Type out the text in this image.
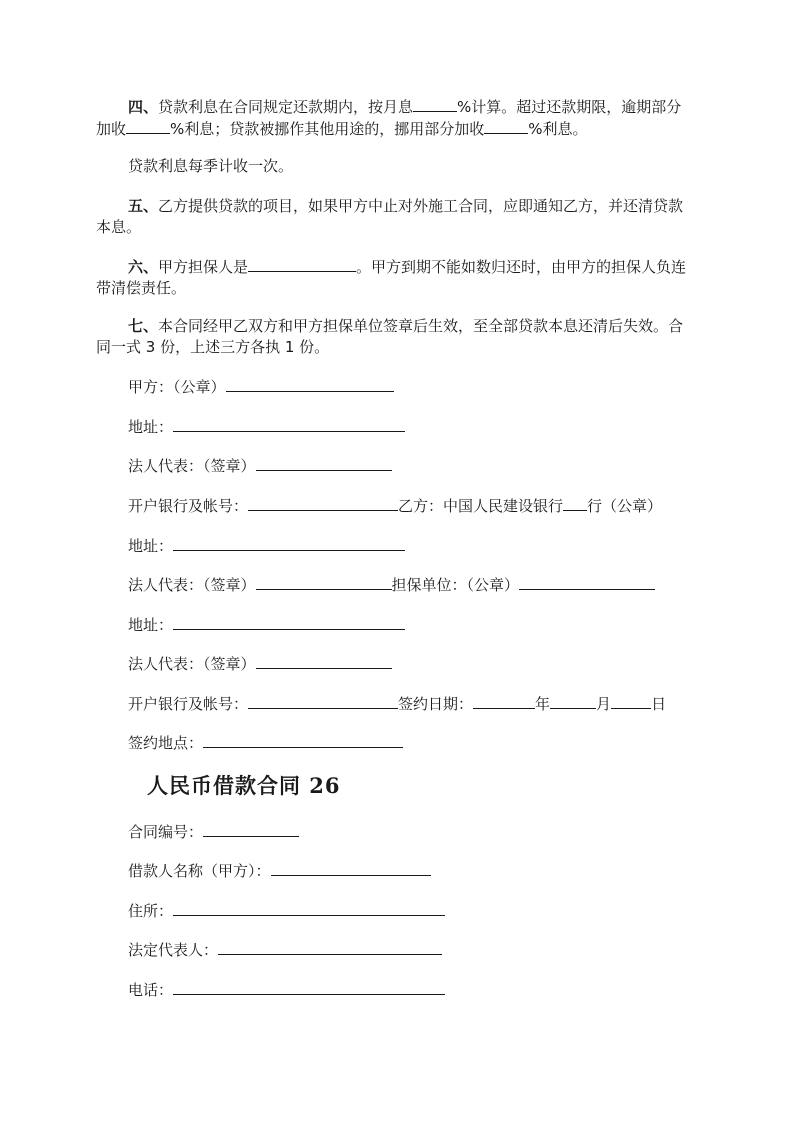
四、贷款利息在合同规定还款期内，按月息	%计算。超过还款期限，逾期部分加收	%利息；贷款被挪作其他用途的，挪用部分加收	%利息。

贷款利息每季计收一次。

五、乙方提供贷款的项目，如果甲方中止对外施工合同，应即通知乙方，并还清贷款本息。

六、甲方担保人是	。甲方到期不能如数归还时，由甲方的担保人负连带清偿责任。

七、本合同经甲乙双方和甲方担保单位签章后生效，至全部贷款本息还清后失效。合同一式 3 份，上述三方各执 1 份。

甲方：（公章）

地址：

法人代表：（签章）

开户银行及帐号：	乙方：中国人民建设银行 行（公章）

地址：

法人代表：（签章）	担保单位：（公章）

地址：

法人代表：（签章）

开户银行及帐号：	签约日期：	年	月	日

签约地点：

人民币借款合同 26

合同编号：

借款人名称（甲方）：

住所：

法定代表人：

电话：
